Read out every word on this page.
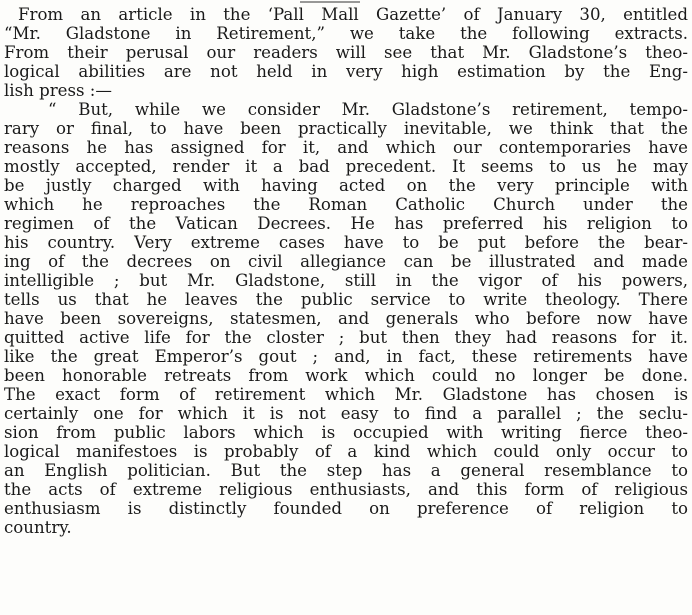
From an article in the ‘Pall Mall Gazette’ of January 30, entitled
“Mr. Gladstone in Retirement,” we take the following extracts.
From their perusal our readers will see that Mr. Gladstone’s theo-
logical abilities are not held in very high estimation by the Eng-
lish press :—
“ But, while we consider Mr. Gladstone’s retirement, tempo-
rary or final, to have been practically inevitable, we think that the
reasons he has assigned for it, and which our contemporaries have
mostly accepted, render it a bad precedent. It seems to us he may
be justly charged with having acted on the very principle with
which he reproaches the Roman Catholic Church under the
regimen of the Vatican Decrees. He has preferred his religion to
his country. Very extreme cases have to be put before the bear-
ing of the decrees on civil allegiance can be illustrated and made
intelligible ; but Mr. Gladstone, still in the vigor of his powers,
tells us that he leaves the public service to write theology. There
have been sovereigns, statesmen, and generals who before now have
quitted active life for the closter ; but then they had reasons for it.
like the great Emperor’s gout ; and, in fact, these retirements have
been honorable retreats from work which could no longer be done.
The exact form of retirement which Mr. Gladstone has chosen is
certainly one for which it is not easy to find a parallel ; the seclu-
sion from public labors which is occupied with writing fierce theo-
logical manifestoes is probably of a kind which could only occur to
an English politician. But the step has a general resemblance to
the acts of extreme religious enthusiasts, and this form of religious
enthusiasm is distinctly founded on preference of religion to
country.
